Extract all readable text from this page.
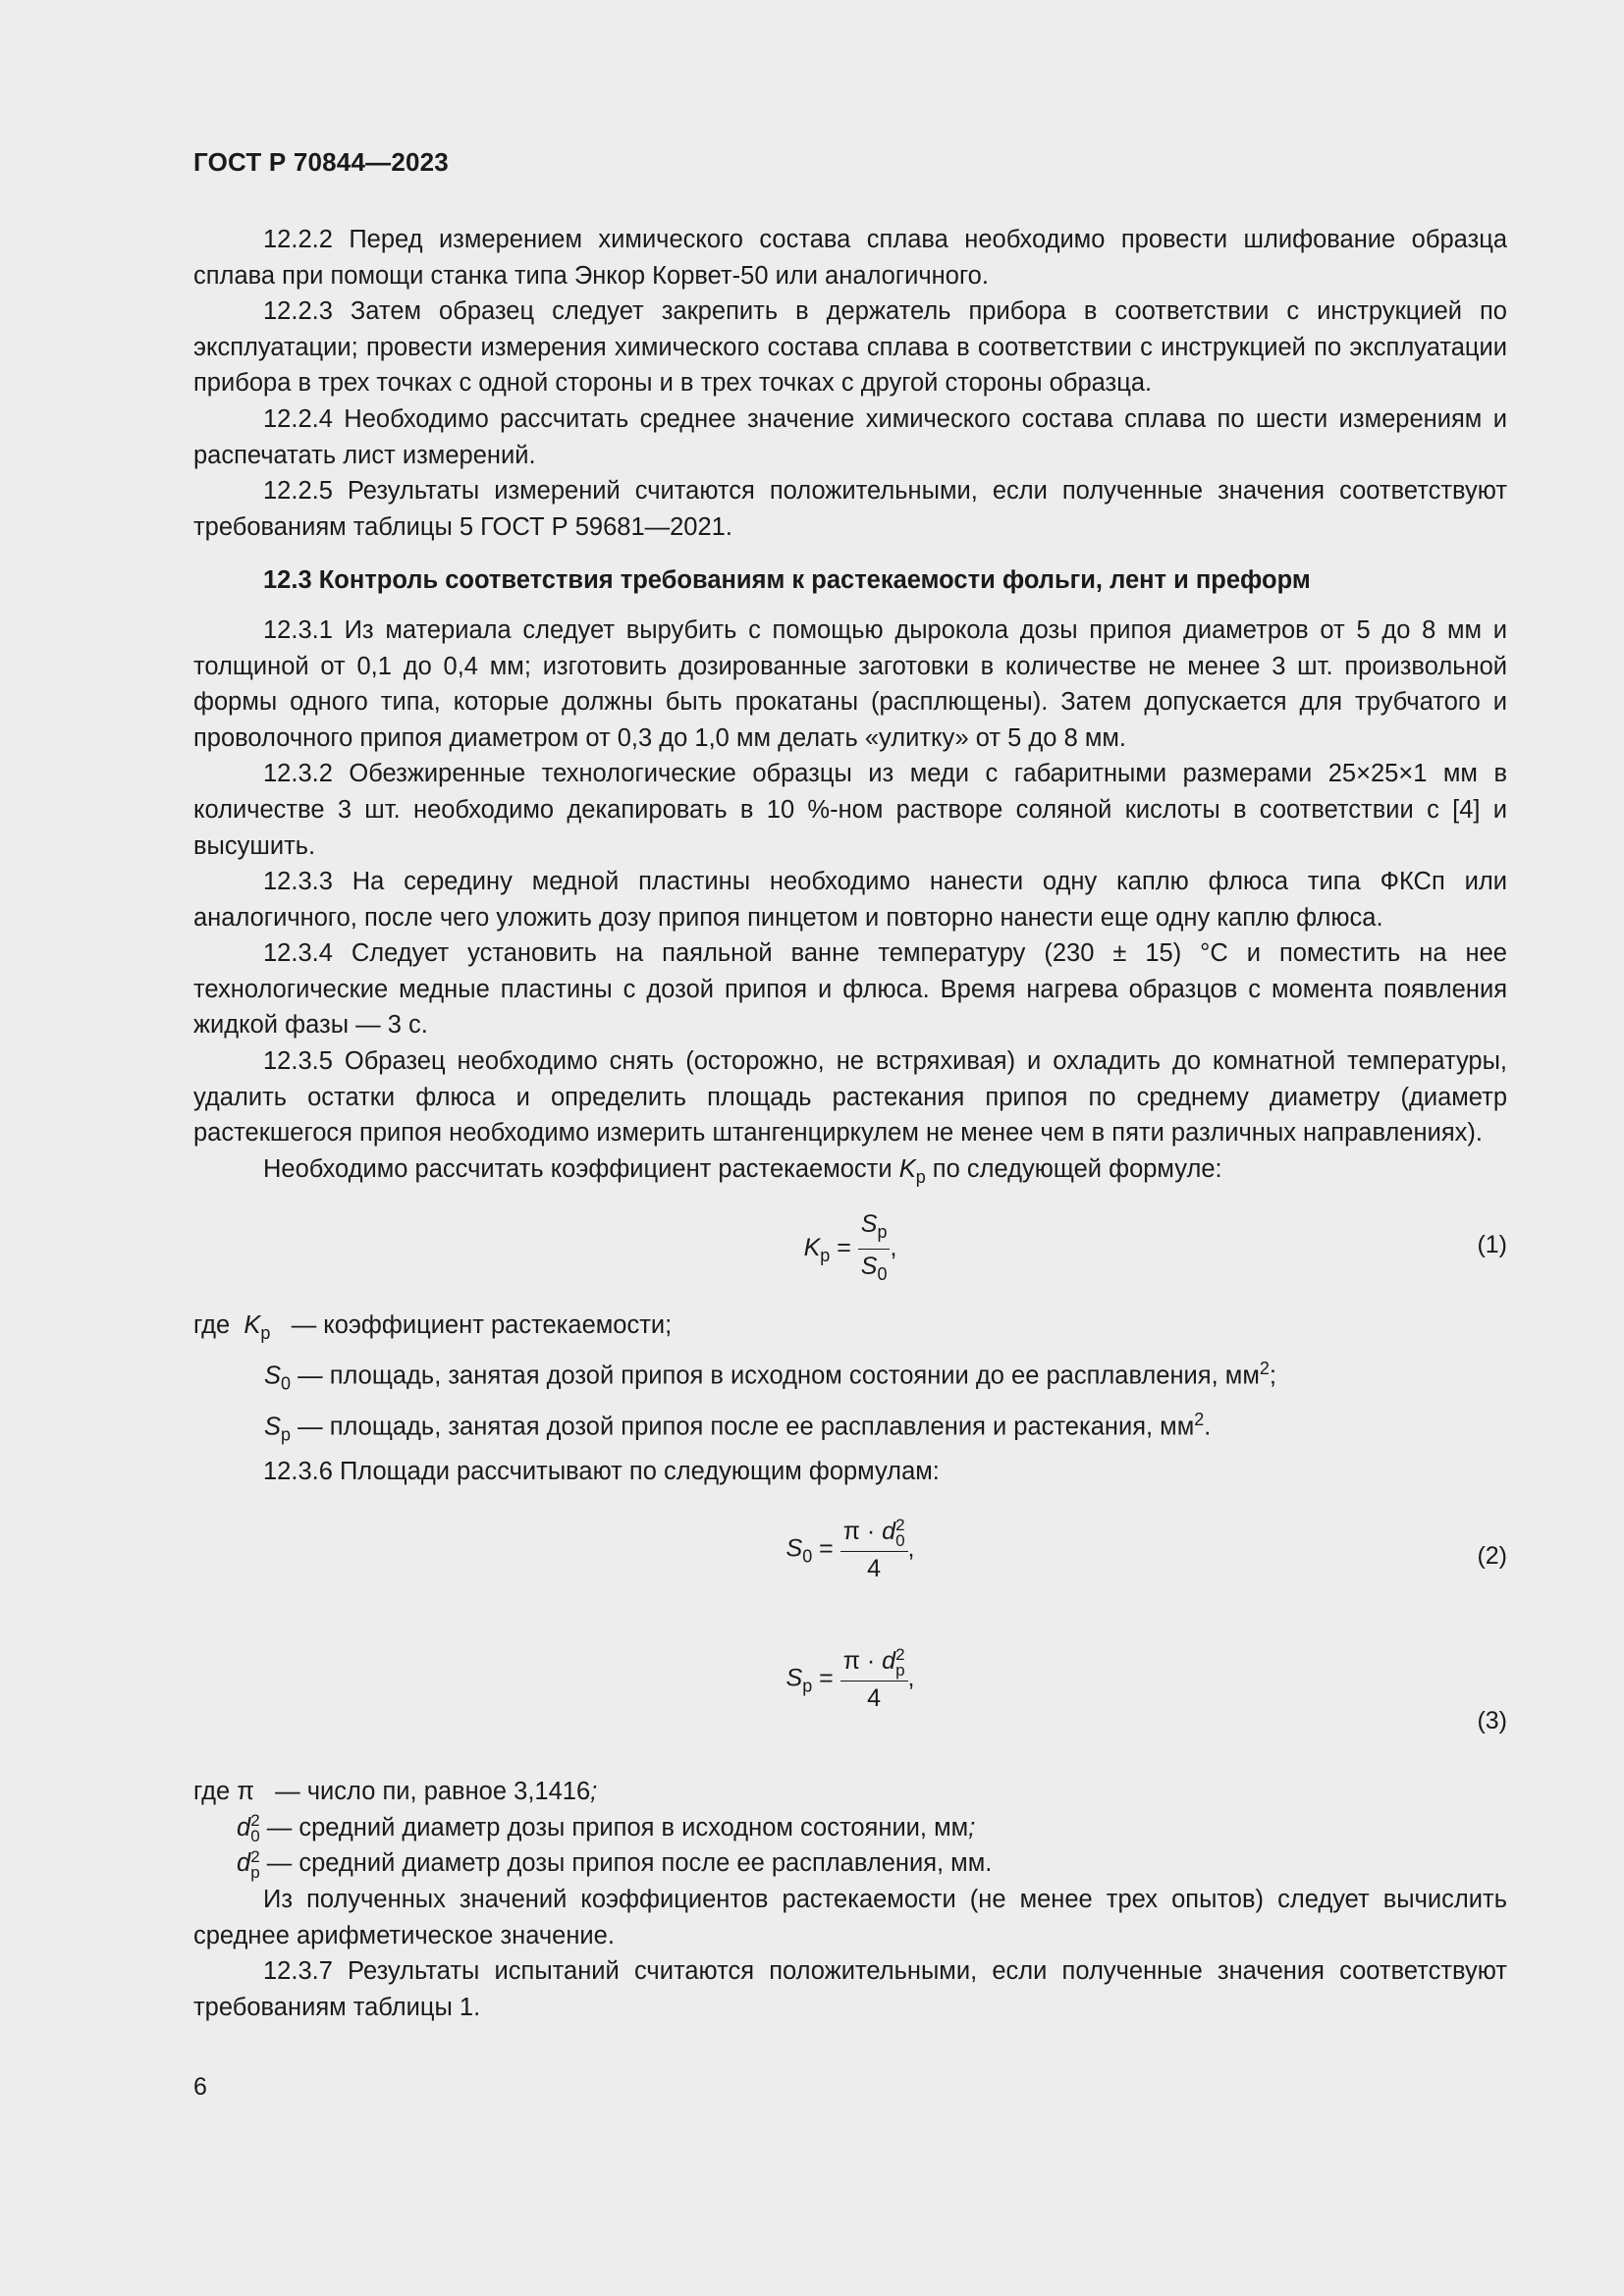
ГОСТ Р 70844—2023

12.2.2 Перед измерением химического состава сплава необходимо провести шлифование образца сплава при помощи станка типа Энкор Корвет-50 или аналогичного.

12.2.3 Затем образец следует закрепить в держатель прибора в соответствии с инструкцией по эксплуатации; провести измерения химического состава сплава в соответствии с инструкцией по эксплуатации прибора в трех точках с одной стороны и в трех точках с другой стороны образца.

12.2.4 Необходимо рассчитать среднее значение химического состава сплава по шести измерениям и распечатать лист измерений.

12.2.5 Результаты измерений считаются положительными, если полученные значения соответствуют требованиям таблицы 5 ГОСТ Р 59681—2021.

12.3 Контроль соответствия требованиям к растекаемости фольги, лент и преформ

12.3.1 Из материала следует вырубить с помощью дырокола дозы припоя диаметров от 5 до 8 мм и толщиной от 0,1 до 0,4 мм; изготовить дозированные заготовки в количестве не менее 3 шт. произвольной формы одного типа, которые должны быть прокатаны (расплющены). Затем допускается для трубчатого и проволочного припоя диаметром от 0,3 до 1,0 мм делать «улитку» от 5 до 8 мм.

12.3.2 Обезжиренные технологические образцы из меди с габаритными размерами 25×25×1 мм в количестве 3 шт. необходимо декапировать в 10 %-ном растворе соляной кислоты в соответствии с [4] и высушить.

12.3.3 На середину медной пластины необходимо нанести одну каплю флюса типа ФКСп или аналогичного, после чего уложить дозу припоя пинцетом и повторно нанести еще одну каплю флюса.

12.3.4 Следует установить на паяльной ванне температуру (230 ± 15) °С и поместить на нее технологические медные пластины с дозой припоя и флюса. Время нагрева образцов с момента появления жидкой фазы — 3 с.

12.3.5 Образец необходимо снять (осторожно, не встряхивая) и охладить до комнатной температуры, удалить остатки флюса и определить площадь растекания припоя по среднему диаметру (диаметр растекшегося припоя необходимо измерить штангенциркулем не менее чем в пяти различных направлениях).

Необходимо рассчитать коэффициент растекаемости $K_p$ по следующей формуле:

$K_p = \frac{S_p}{S_0}$ ,	(1)
где $K_p$ — коэффициент растекаемости;
$S_0$ — площадь, занятая дозой припоя в исходном состоянии до ее расплавления, $мм^2$;
$S_p$ — площадь, занятая дозой припоя после ее расплавления и растекания, $мм^2$.

12.3.6 Площади рассчитывают по следующим формулам:

$S_0 = \pi \cdot d$ 2
0
4 ,	(2)
$S_p = \pi \cdot d$ 2
p
4 ,
(3)
где π — число пи, равное 3,1416;
d 2
0 — средний диаметр дозы припоя в исходном состоянии, мм;
d 2
p — средний диаметр дозы припоя после ее расплавления, мм.

Из полученных значений коэффициентов растекаемости (не менее трех опытов) следует вычислить среднее арифметическое значение.

12.3.7 Результаты испытаний считаются положительными, если полученные значения соответствуют требованиям таблицы 1.

6
